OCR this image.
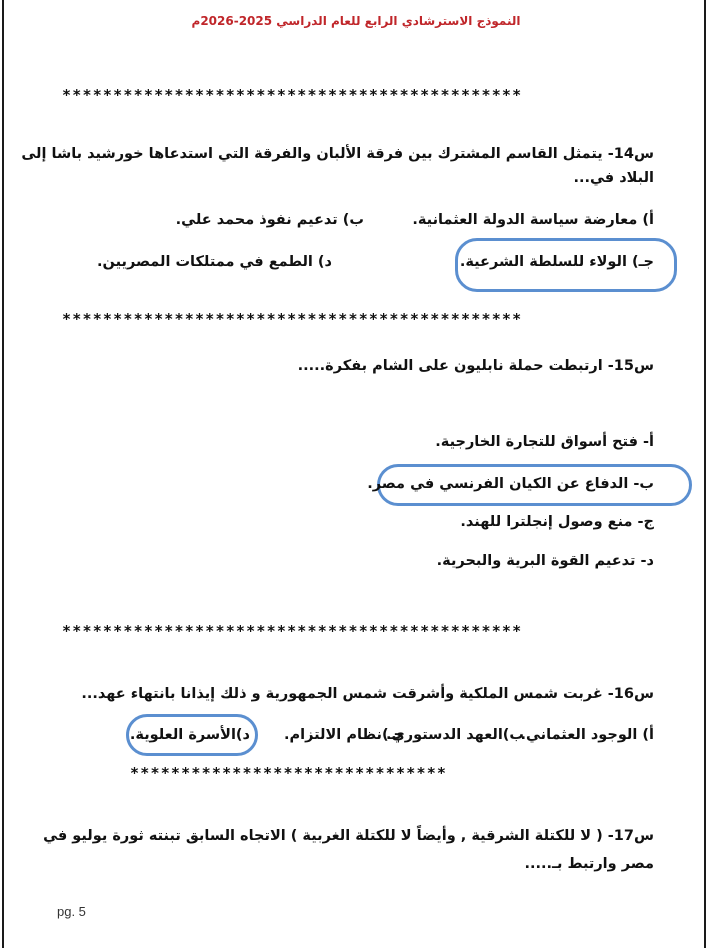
النموذج الاسترشادي الرابع للعام الدراسي 2025-2026م
*********************************************
س14- يتمثل القاسم المشترك بين فرقة الألبان والفرقة التي استدعاها خورشيد باشا إلى
البلاد في...
أ) معارضة سياسة الدولة العثمانية.
ب) تدعيم نفوذ محمد علي.
جـ) الولاء للسلطة الشرعية.
د) الطمع في ممتلكات المصريين.
*********************************************
س15- ارتبطت حملة نابليون على الشام بفكرة.....
أ- فتح أسواق للتجارة الخارجية.
ب- الدفاع عن الكيان الفرنسي في مصر.
ج- منع وصول إنجلترا للهند.
د- تدعيم القوة البرية والبحرية.
*********************************************
س16- غربت شمس الملكية وأشرقت شمس الجمهورية و ذلك إيذانا بانتهاء عهد...
أ) الوجود العثماني.
ب)العهد الدستوري.
جـ)نظام الالتزام.
د)الأسرة العلوية.
*******************************
س17- ( لا للكتلة الشرقية , وأيضاً لا للكتلة الغربية ) الاتجاه السابق تبنته ثورة يوليو في
مصر وارتبط بـ.....
pg. 5
